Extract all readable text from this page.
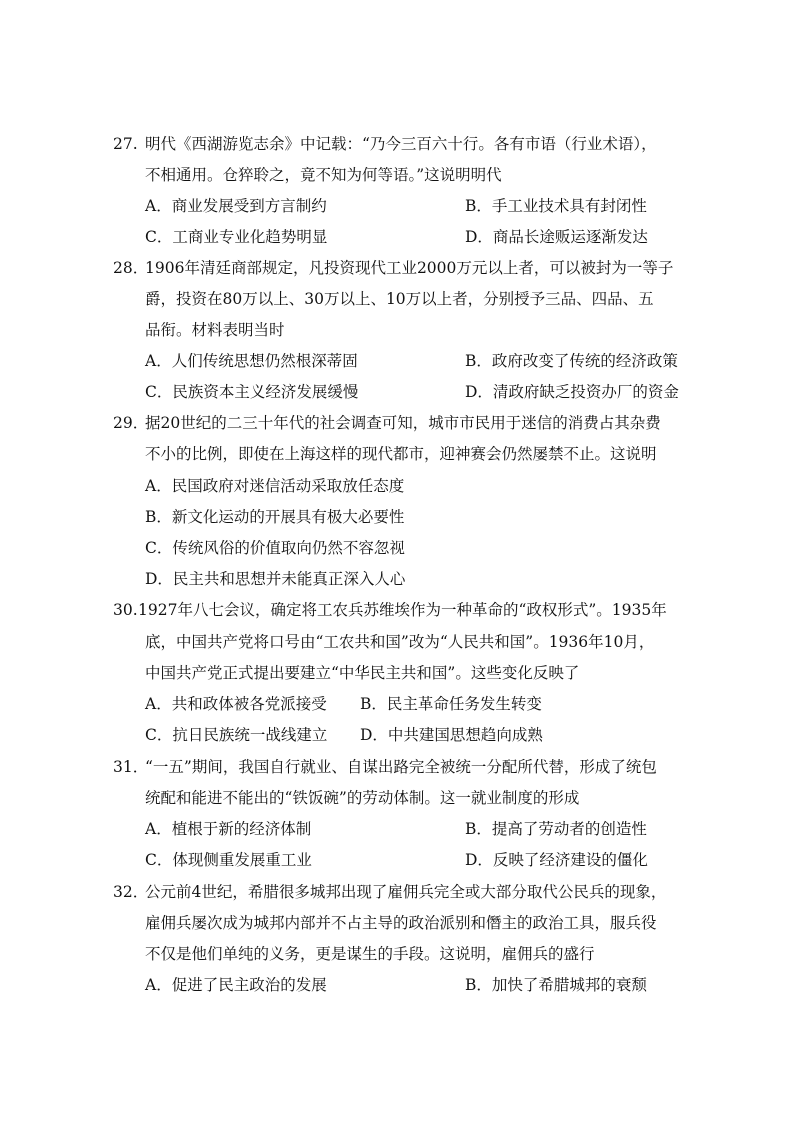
27. 明代《西湖游览志余》中记载：“乃今三百六十行。各有市语（行业术语），
不相通用。仓猝聆之，竟不知为何等语。”这说明明代
A．商业发展受到方言制约	B．手工业技术具有封闭性
C．工商业专业化趋势明显	D．商品长途贩运逐渐发达
28．
1906年清廷商部规定，凡投资现代工业2000万元以上者，可以被封为一等子
爵，投资在80万以上、30万以上、10万以上者，分别授予三品、四品、五
品衔。材料表明当时
A．人们传统思想仍然根深蒂固	B．政府改变了传统的经济政策
C．民族资本主义经济发展缓慢	D．清政府缺乏投资办厂的资金
29．
据20世纪的二三十年代的社会调查可知，城市市民用于迷信的消费占其杂费
不小的比例，即使在上海这样的现代都市，迎神赛会仍然屡禁不止。这说明
A．民国政府对迷信活动采取放任态度
B．新文化运动的开展具有极大必要性
C．传统风俗的价值取向仍然不容忽视
D．民主共和思想并未能真正深入人心
30. 1927年八七会议，确定将工农兵苏维埃作为一种革命的“政权形式”。1935年
底，中国共产党将口号由“工农共和国”改为“人民共和国”。1936年10月，
中国共产党正式提出要建立“中华民主共和国”。这些变化反映了
A．共和政体被各党派接受 B．民主革命任务发生转变
C．抗日民族统一战线建立 D．中共建国思想趋向成熟
31．
“一五”期间，我国自行就业、自谋出路完全被统一分配所代替，形成了统包
统配和能进不能出的“铁饭碗”的劳动体制。这一就业制度的形成
A．植根于新的经济体制	B．提高了劳动者的创造性
C．体现侧重发展重工业	D．反映了经济建设的僵化
32．
公元前4世纪，希腊很多城邦出现了雇佣兵完全或大部分取代公民兵的现象，
雇佣兵屡次成为城邦内部并不占主导的政治派别和僭主的政治工具，服兵役
不仅是他们单纯的义务，更是谋生的手段。这说明，雇佣兵的盛行
A．促进了民主政治的发展	B．加快了希腊城邦的衰颓
